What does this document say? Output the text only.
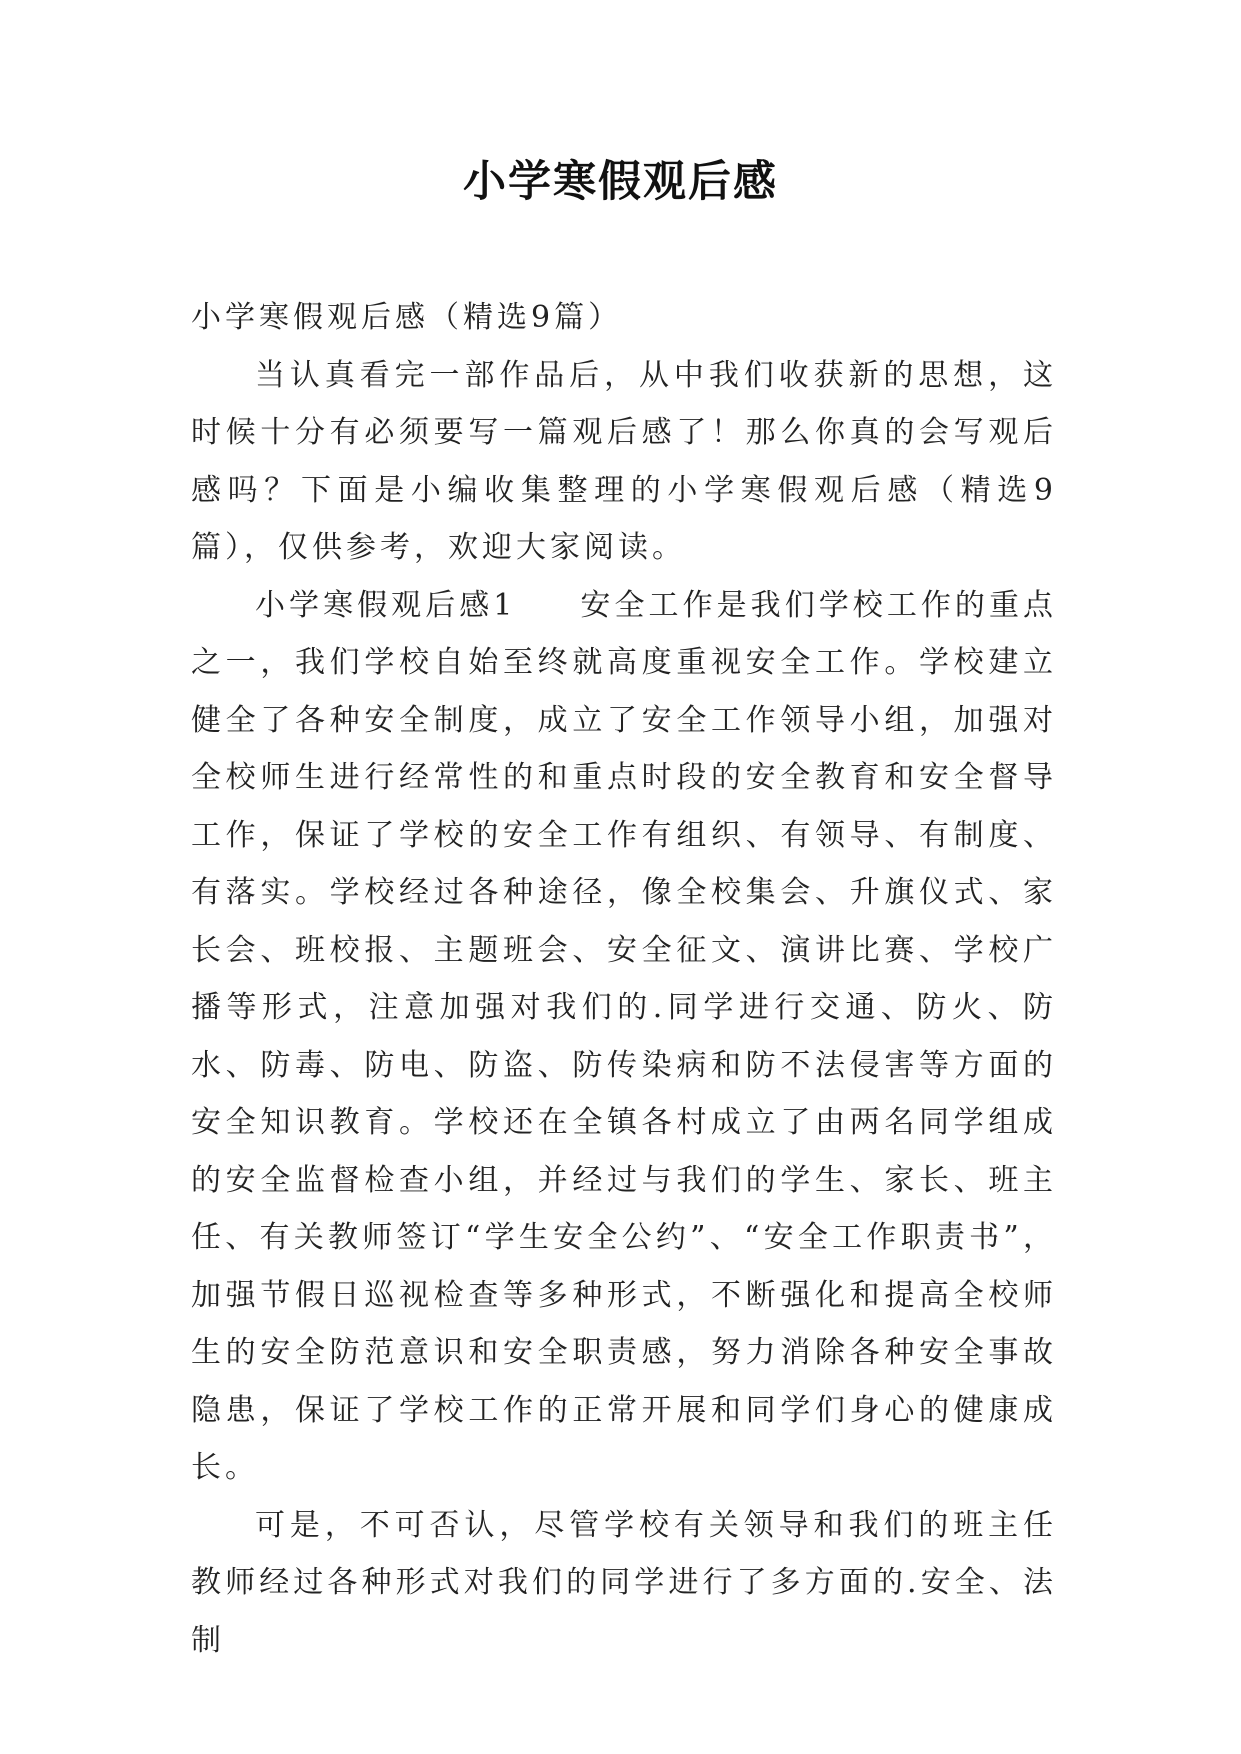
小学寒假观后感

小学寒假观后感（精选9篇）

当认真看完一部作品后，从中我们收获新的思想，这时候十分有必须要写一篇观后感了！那么你真的会写观后感吗？下面是小编收集整理的小学寒假观后感（精选9篇），仅供参考，欢迎大家阅读。

小学寒假观后感1 安全工作是我们学校工作的重点之一，我们学校自始至终就高度重视安全工作。学校建立健全了各种安全制度，成立了安全工作领导小组，加强对全校师生进行经常性的和重点时段的安全教育和安全督导工作，保证了学校的安全工作有组织、有领导、有制度、有落实。学校经过各种途径，像全校集会、升旗仪式、家长会、班校报、主题班会、安全征文、演讲比赛、学校广播等形式，注意加强对我们的.同学进行交通、防火、防水、防毒、防电、防盗、防传染病和防不法侵害等方面的安全知识教育。学校还在全镇各村成立了由两名同学组成的安全监督检查小组，并经过与我们的学生、家长、班主任、有关教师签订“学生安全公约”、“安全工作职责书”，加强节假日巡视检查等多种形式，不断强化和提高全校师生的安全防范意识和安全职责感，努力消除各种安全事故隐患，保证了学校工作的正常开展和同学们身心的健康成长。

可是，不可否认，尽管学校有关领导和我们的班主任教师经过各种形式对我们的同学进行了多方面的.安全、法制
